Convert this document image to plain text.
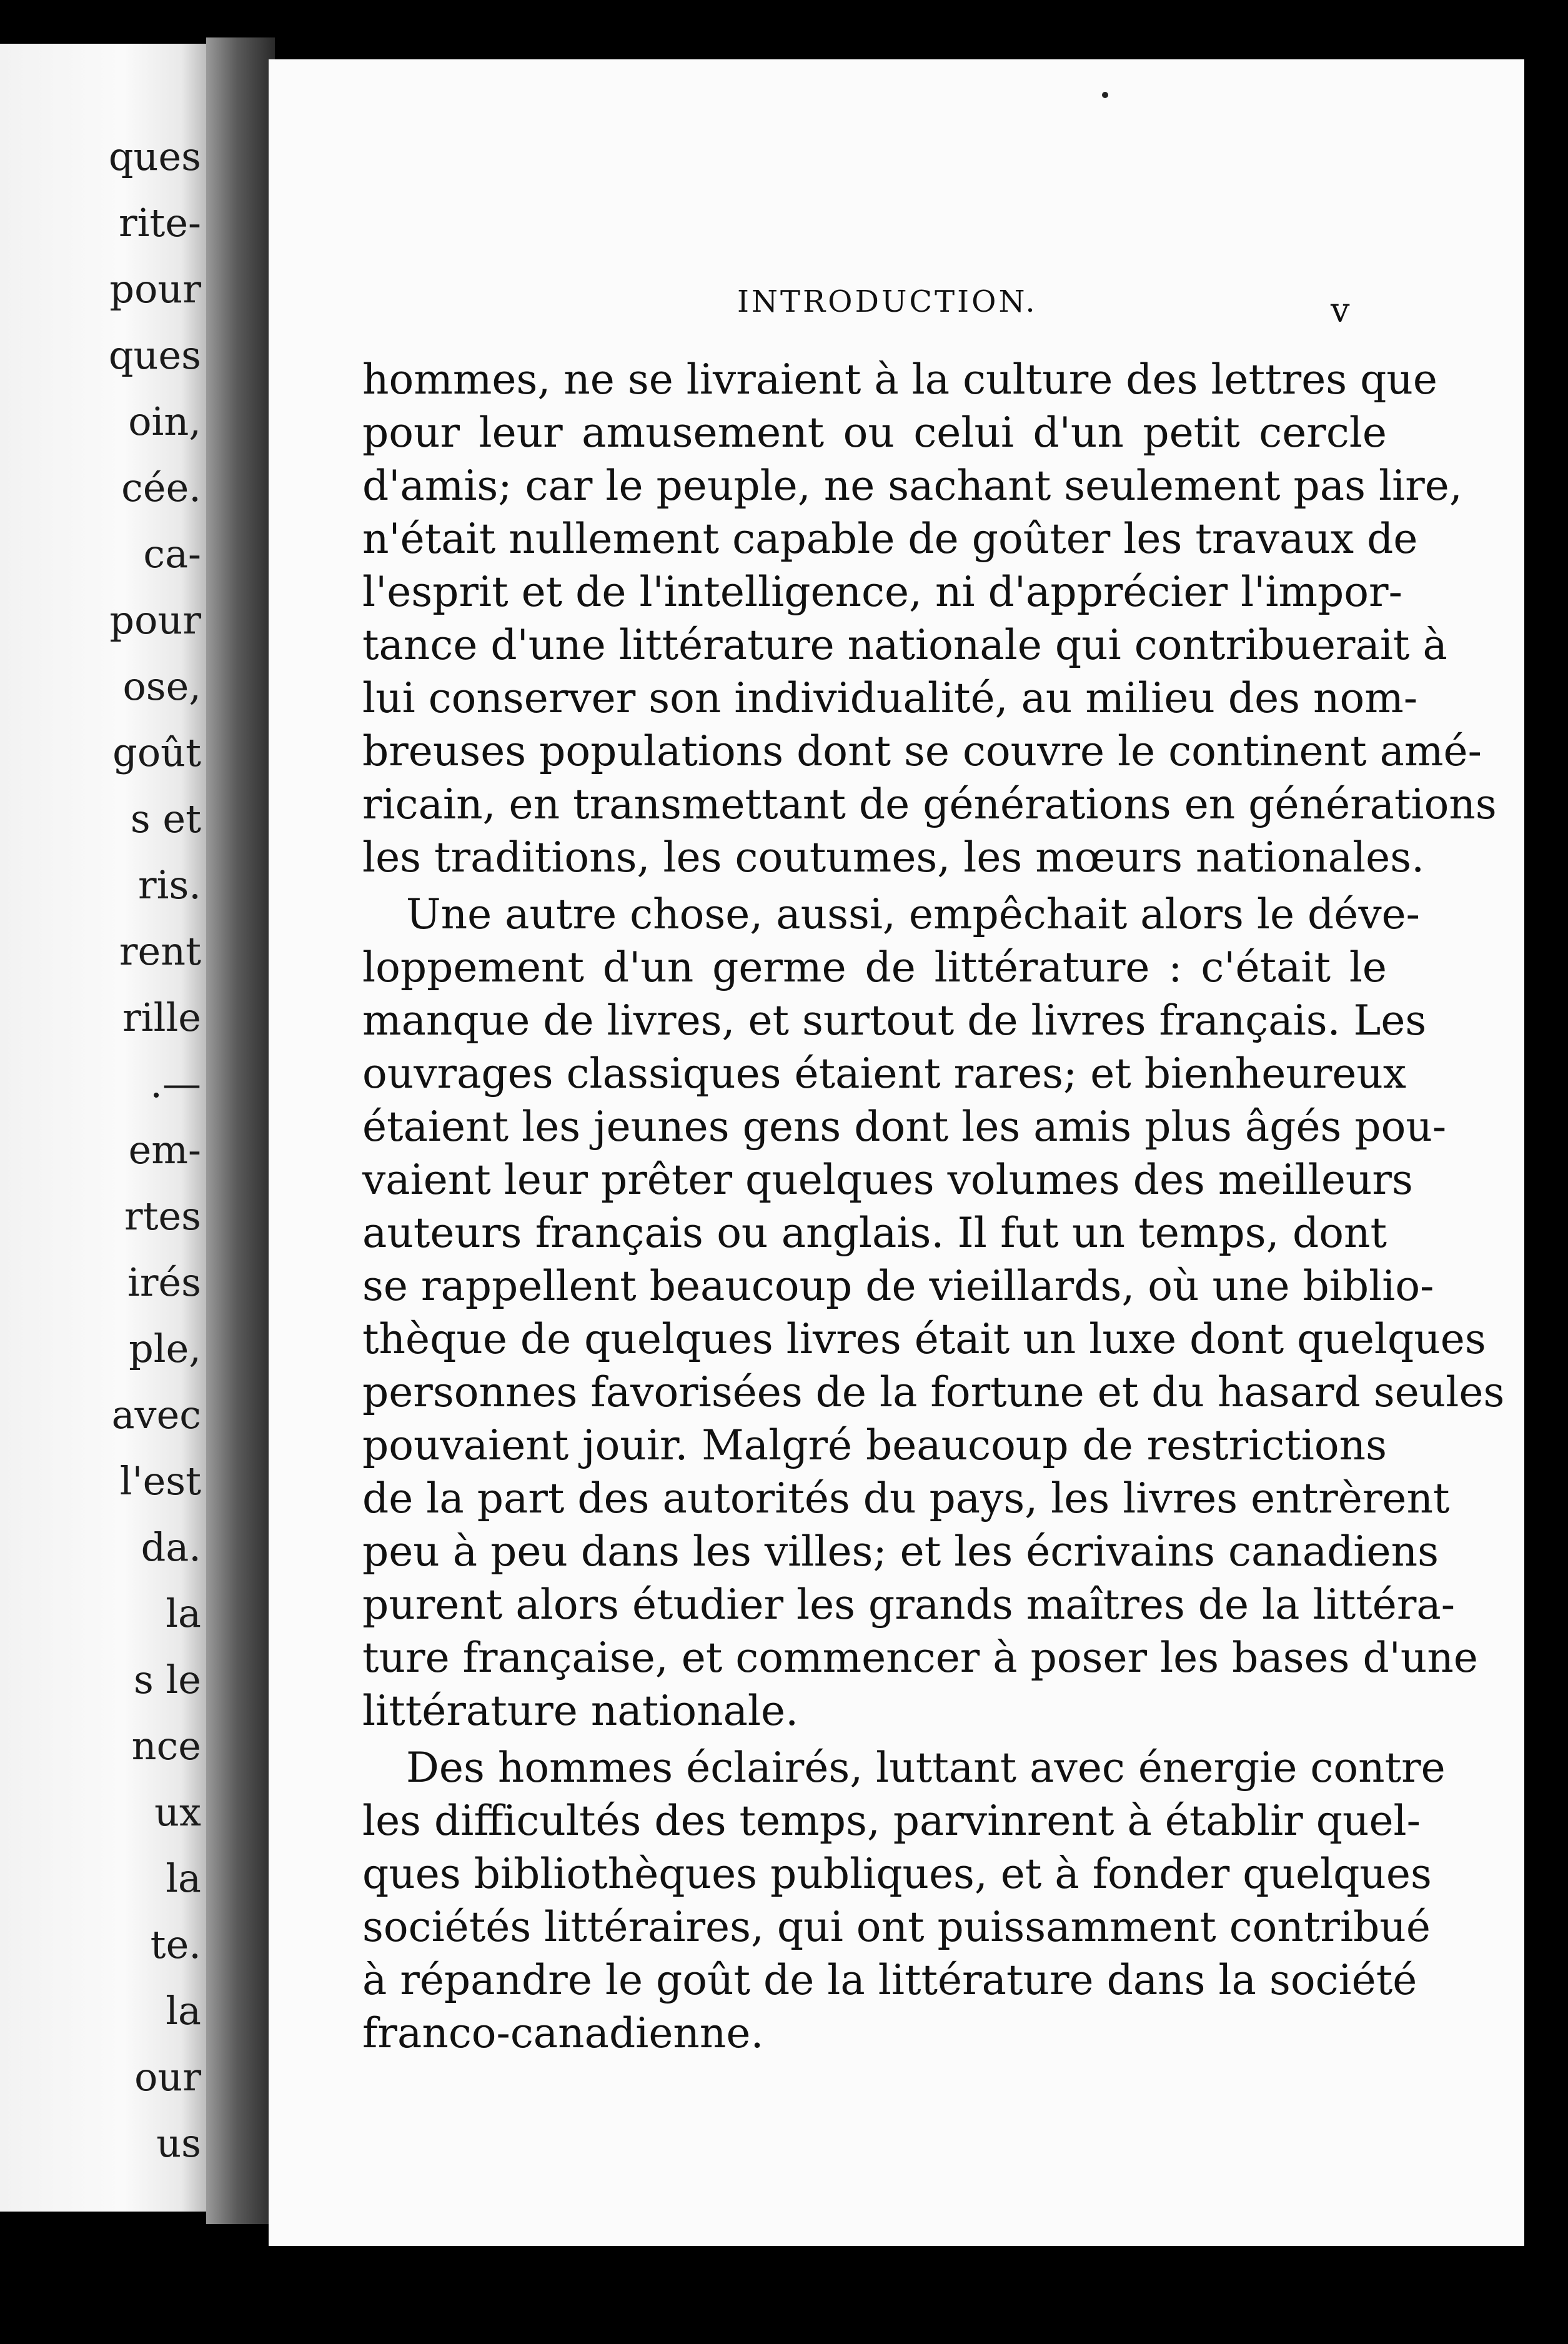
ques
rite-
pour
ques
oin,
cée.
ca-
pour
ose,
goût
s et
ris.
rent
rille
.—
em-
rtes
irés
ple,
avec
l'est
da.
la
s le
nce
ux
la
te.
la
our
us
INTRODUCTION.	v
hommes, ne se livraient à la culture des lettres que
pour leur amusement ou celui d'un petit cercle
d'amis; car le peuple, ne sachant seulement pas lire,
n'était nullement capable de goûter les travaux de
l'esprit et de l'intelligence, ni d'apprécier l'impor-
tance d'une littérature nationale qui contribuerait à
lui conserver son individualité, au milieu des nom-
breuses populations dont se couvre le continent amé-
ricain, en transmettant de générations en générations
les traditions, les coutumes, les mœurs nationales.
Une autre chose, aussi, empêchait alors le déve-
loppement d'un germe de littérature : c'était le
manque de livres, et surtout de livres français. Les
ouvrages classiques étaient rares; et bienheureux
étaient les jeunes gens dont les amis plus âgés pou-
vaient leur prêter quelques volumes des meilleurs
auteurs français ou anglais. Il fut un temps, dont
se rappellent beaucoup de vieillards, où une biblio-
thèque de quelques livres était un luxe dont quelques
personnes favorisées de la fortune et du hasard seules
pouvaient jouir. Malgré beaucoup de restrictions
de la part des autorités du pays, les livres entrèrent
peu à peu dans les villes; et les écrivains canadiens
purent alors étudier les grands maîtres de la littéra-
ture française, et commencer à poser les bases d'une
littérature nationale.
Des hommes éclairés, luttant avec énergie contre
les difficultés des temps, parvinrent à établir quel-
ques bibliothèques publiques, et à fonder quelques
sociétés littéraires, qui ont puissamment contribué
à répandre le goût de la littérature dans la société
franco-canadienne.
